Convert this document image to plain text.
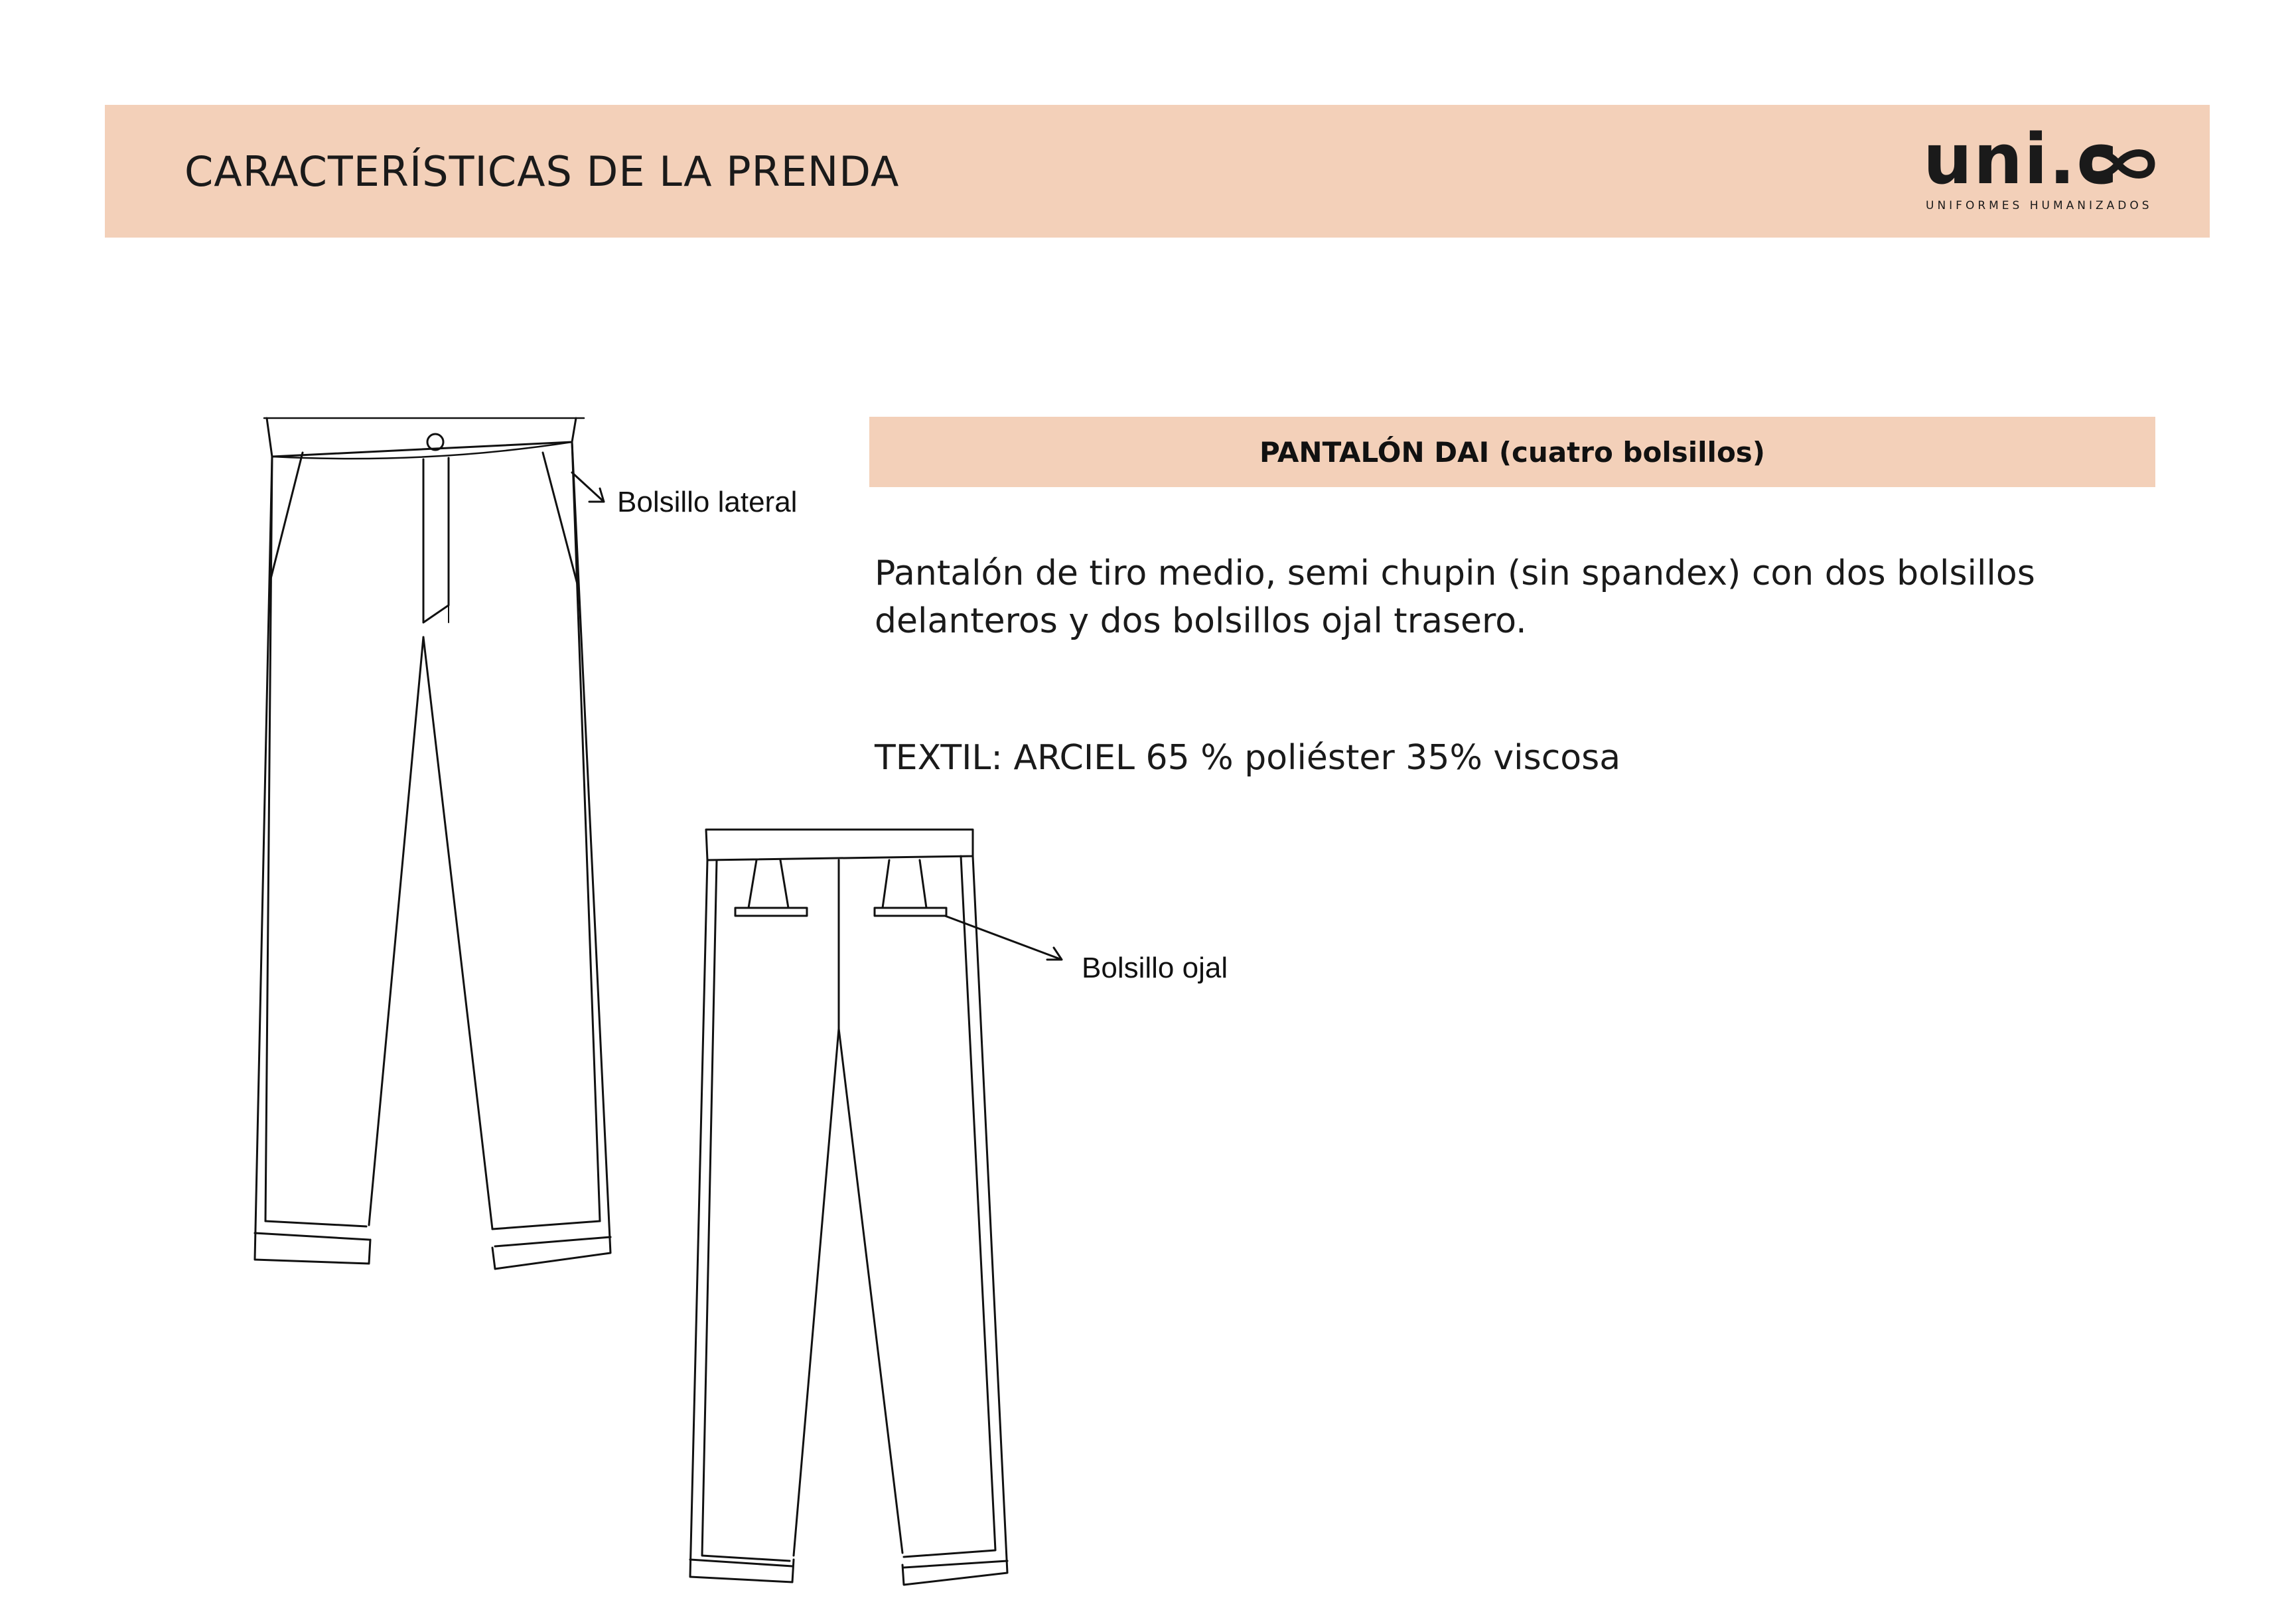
CARACTERÍSTICAS DE LA PRENDA	uni.c
UNIFORMES HUMANIZADOS
Bolsillo lateral
Bolsillo ojal
PANTALÓN DAI (cuatro bolsillos)
Pantalón de tiro medio, semi chupin (sin spandex) con dos bolsillos delanteros y dos bolsillos ojal trasero.
TEXTIL: ARCIEL 65 % poliéster 35% viscosa
